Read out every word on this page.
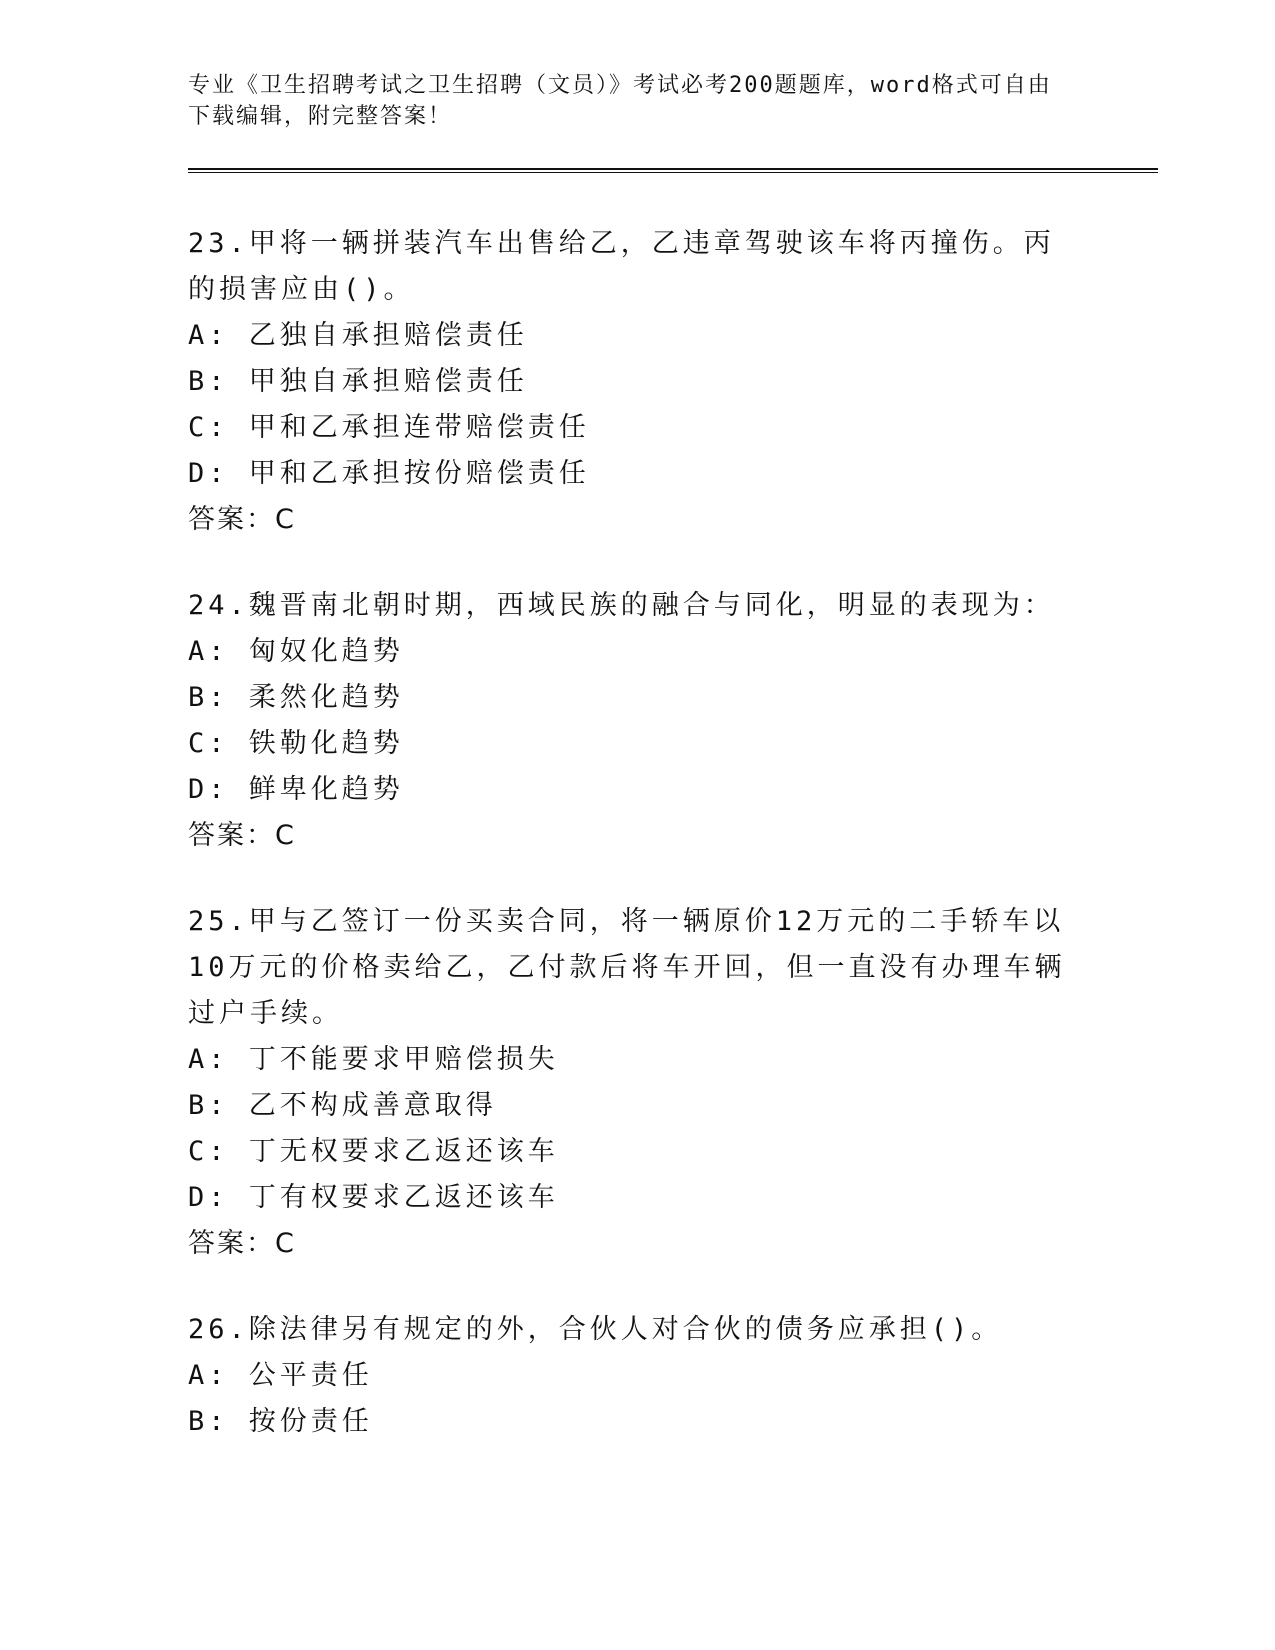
专业《卫生招聘考试之卫生招聘（文员）》考试必考200题题库，word格式可自由下载编辑，附完整答案！
23.甲将一辆拼装汽车出售给乙，乙违章驾驶该车将丙撞伤。丙的损害应由()。
A: 乙独自承担赔偿责任
B: 甲独自承担赔偿责任
C: 甲和乙承担连带赔偿责任
D: 甲和乙承担按份赔偿责任
答案：C
24.魏晋南北朝时期，西域民族的融合与同化，明显的表现为：
A: 匈奴化趋势
B: 柔然化趋势
C: 铁勒化趋势
D: 鲜卑化趋势
答案：C
25.甲与乙签订一份买卖合同，将一辆原价12万元的二手轿车以10万元的价格卖给乙，乙付款后将车开回，但一直没有办理车辆过户手续。
A: 丁不能要求甲赔偿损失
B: 乙不构成善意取得
C: 丁无权要求乙返还该车
D: 丁有权要求乙返还该车
答案：C
26.除法律另有规定的外，合伙人对合伙的债务应承担()。
A: 公平责任
B: 按份责任
